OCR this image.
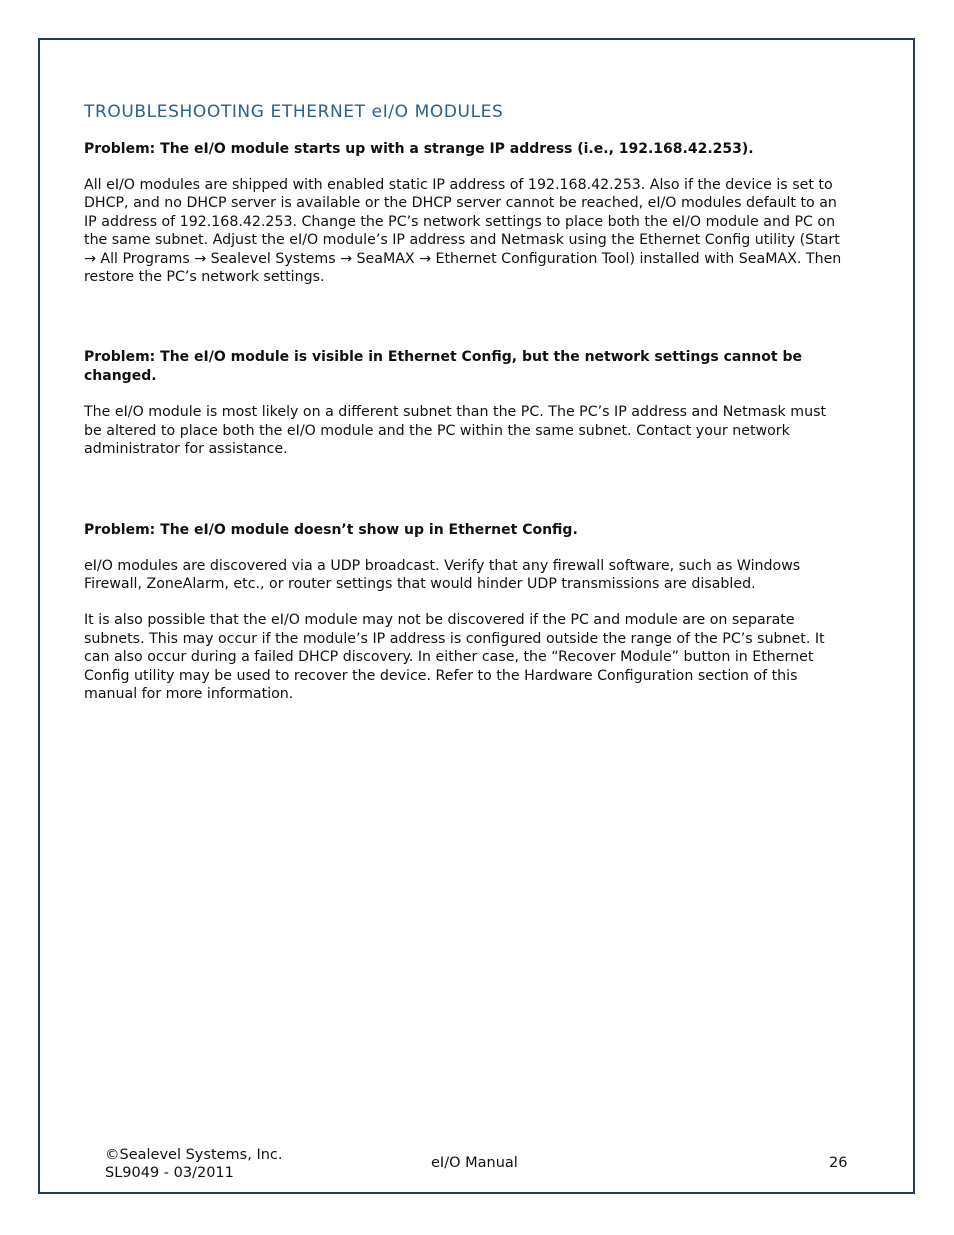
TROUBLESHOOTING ETHERNET eI/O MODULES

Problem: The eI/O module starts up with a strange IP address (i.e., 192.168.42.253).

All eI/O modules are shipped with enabled static IP address of 192.168.42.253. Also if the device is set to DHCP, and no DHCP server is available or the DHCP server cannot be reached, eI/O modules default to an IP address of 192.168.42.253. Change the PC’s network settings to place both the eI/O module and PC on the same subnet. Adjust the eI/O module’s IP address and Netmask using the Ethernet Config utility (Start → All Programs → Sealevel Systems → SeaMAX → Ethernet Configuration Tool) installed with SeaMAX. Then restore the PC’s network settings.

Problem: The eI/O module is visible in Ethernet Config, but the network settings cannot be changed.

The eI/O module is most likely on a different subnet than the PC. The PC’s IP address and Netmask must be altered to place both the eI/O module and the PC within the same subnet. Contact your network administrator for assistance.

Problem: The eI/O module doesn’t show up in Ethernet Config.

eI/O modules are discovered via a UDP broadcast. Verify that any firewall software, such as Windows Firewall, ZoneAlarm, etc., or router settings that would hinder UDP transmissions are disabled.

It is also possible that the eI/O module may not be discovered if the PC and module are on separate subnets. This may occur if the module’s IP address is configured outside the range of the PC’s subnet. It can also occur during a failed DHCP discovery. In either case, the “Recover Module” button in Ethernet Config utility may be used to recover the device. Refer to the Hardware Configuration section of this manual for more information.

©Sealevel Systems, Inc.
SL9049 - 03/2011
eI/O Manual	26
